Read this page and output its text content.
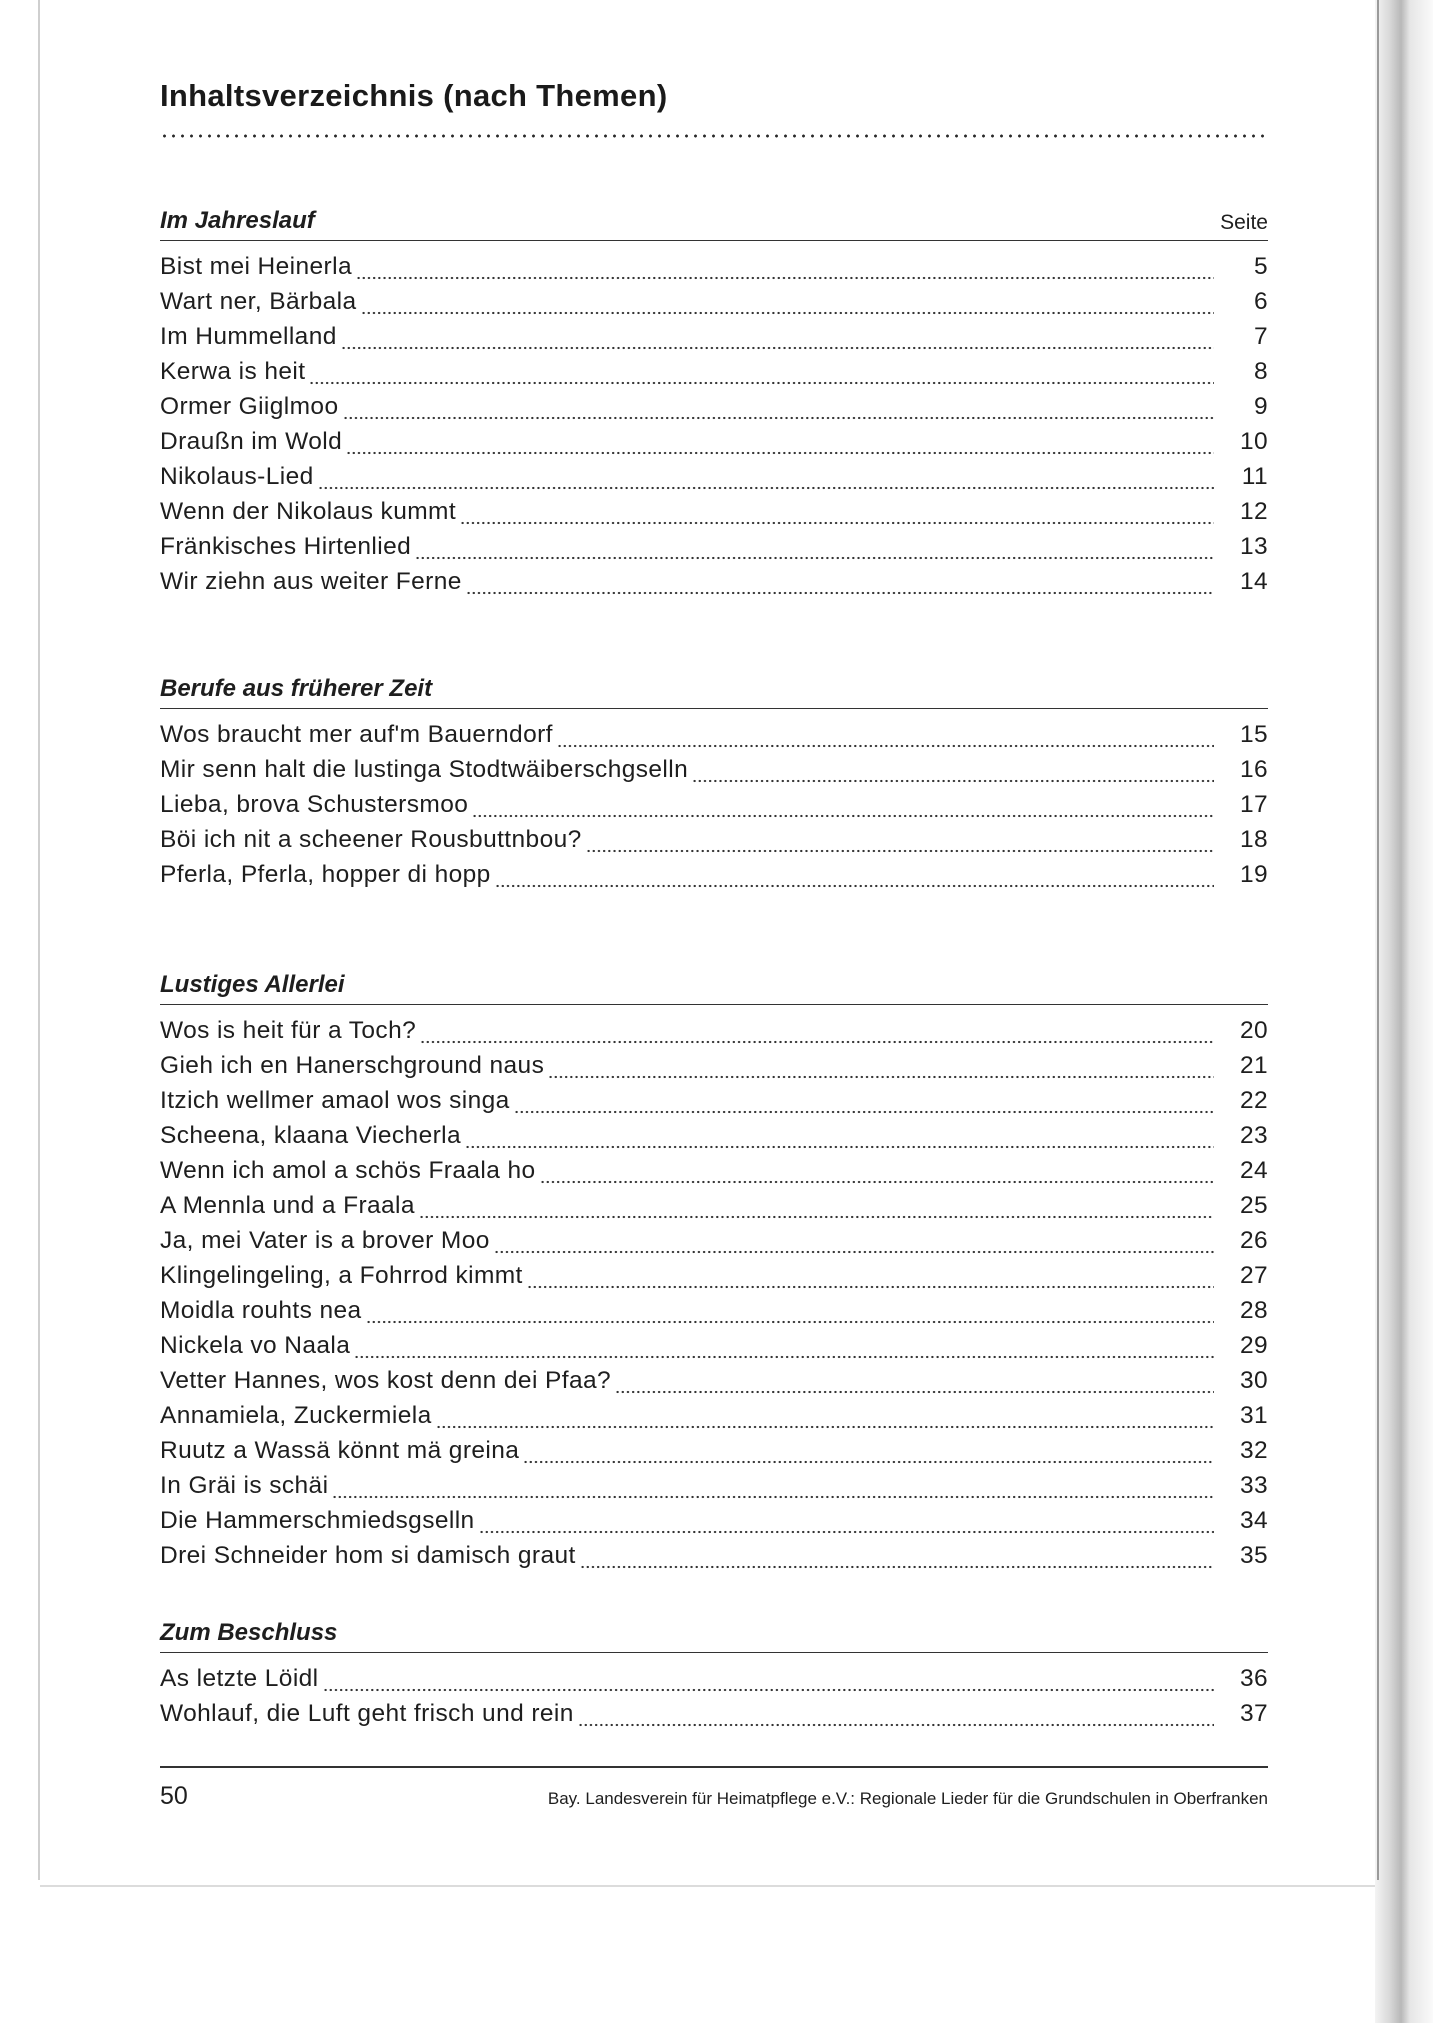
Inhaltsverzeichnis (nach Themen)
Im Jahreslauf	Seite
Bist mei Heinerla	5
Wart ner, Bärbala	6
Im Hummelland	7
Kerwa is heit	8
Ormer Giiglmoo	9
Draußn im Wold	10
Nikolaus-Lied	11
Wenn der Nikolaus kummt	12
Fränkisches Hirtenlied	13
Wir ziehn aus weiter Ferne	14
Berufe aus früherer Zeit
Wos braucht mer auf'm Bauerndorf	15
Mir senn halt die lustinga Stodtwäiberschgselln	16
Lieba, brova Schustersmoo	17
Böi ich nit a scheener Rousbuttnbou?	18
Pferla, Pferla, hopper di hopp	19
Lustiges Allerlei
Wos is heit für a Toch?	20
Gieh ich en Hanerschground naus	21
Itzich wellmer amaol wos singa	22
Scheena, klaana Viecherla	23
Wenn ich amol a schös Fraala ho	24
A Mennla und a Fraala	25
Ja, mei Vater is a brover Moo	26
Klingelingeling, a Fohrrod kimmt	27
Moidla rouhts nea	28
Nickela vo Naala	29
Vetter Hannes, wos kost denn dei Pfaa?	30
Annamiela, Zuckermiela	31
Ruutz a Wassä könnt mä greina	32
In Gräi is schäi	33
Die Hammerschmiedsgselln	34
Drei Schneider hom si damisch graut	35
Zum Beschluss
As letzte Löidl	36
Wohlauf, die Luft geht frisch und rein	37
50	Bay. Landesverein für Heimatpflege e.V.: Regionale Lieder für die Grundschulen in Oberfranken
